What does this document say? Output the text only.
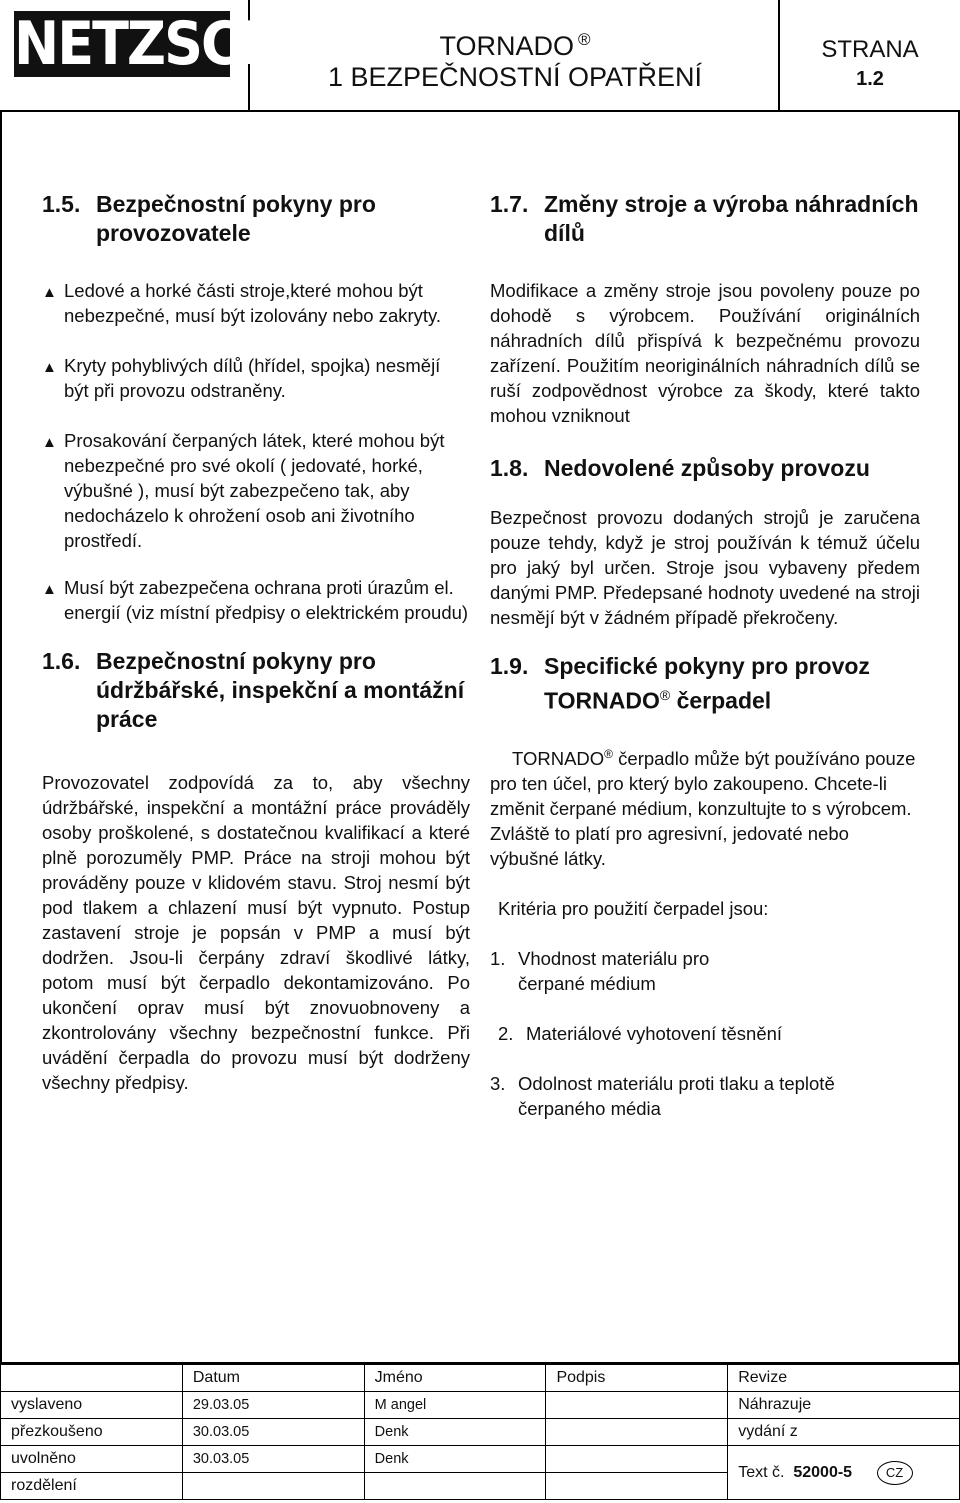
NETZSCH	TORNADO ®
1 BEZPEČNOSTNÍ OPATŘENÍ
STRANA
1.2
1.5. Bezpečnostní pokyny pro provozovatele
▲ Ledové a horké části stroje,které mohou být nebezpečné, musí být izolovány nebo zakryty.
▲ Kryty pohyblivých dílů (hřídel, spojka) nesmějí být při provozu odstraněny.
▲ Prosakování čerpaných látek, které mohou být nebezpečné pro své okolí ( jedovaté, horké, výbušné ), musí být zabezpečeno tak, aby nedocházelo k ohrožení osob ani životního prostředí.
▲ Musí být zabezpečena ochrana proti úrazům el. energií (viz místní předpisy o elektrickém proudu)
1.6. Bezpečnostní pokyny pro údržbářské, inspekční a montážní práce

Provozovatel zodpovídá za to, aby všechny údržbářské, inspekční a montážní práce prováděly osoby proškolené, s dostatečnou kvalifikací a které plně porozuměly PMP. Práce na stroji mohou být prováděny pouze v klidovém stavu. Stroj nesmí být pod tlakem a chlazení musí být vypnuto. Postup zastavení stroje je popsán v PMP a musí být dodržen. Jsou-li čerpány zdraví škodlivé látky, potom musí být čerpadlo dekontamizováno. Po ukončení oprav musí být znovuobnoveny a zkontrolovány všechny bezpečnostní funkce. Při uvádění čerpadla do provozu musí být dodrženy všechny předpisy.

1.7. Změny stroje a výroba náhradních dílů

Modifikace a změny stroje jsou povoleny pouze po dohodě s výrobcem. Používání originálních náhradních dílů přispívá k bezpečnému provozu zařízení. Použitím neoriginálních náhradních dílů se ruší zodpovědnost výrobce za škody, které takto mohou vzniknout

1.8. Nedovolené způsoby provozu

Bezpečnost provozu dodaných strojů je zaručena pouze tehdy, když je stroj používán k témuž účelu pro jaký byl určen. Stroje jsou vybaveny předem danými PMP. Předepsané hodnoty uvedené na stroji nesmějí být v žádném případě překročeny.

1.9. Specifické pokyny pro provoz
TORNADO® čerpadel

TORNADO® čerpadlo může být používáno pouze pro ten účel, pro který bylo zakoupeno. Chcete-li změnit čerpané médium, konzultujte to s výrobcem. Zvláště to platí pro agresivní, jedovaté nebo výbušné látky.

Kritéria pro použití čerpadel jsou:

1. Vhodnost materiálu pro čerpané médium
2. Materiálové vyhotovení těsnění
3. Odolnost materiálu proti tlaku a teplotě čerpaného média
	Datum	Jméno	Podpis	Revize
vyslaveno	29.03.05	M angel		Náhrazuje
přezkoušeno	30.03.05	Denk		vydání z
uvolněno	30.03.05	Denk		Text č. 52000-5 CZ
rozdělení				
